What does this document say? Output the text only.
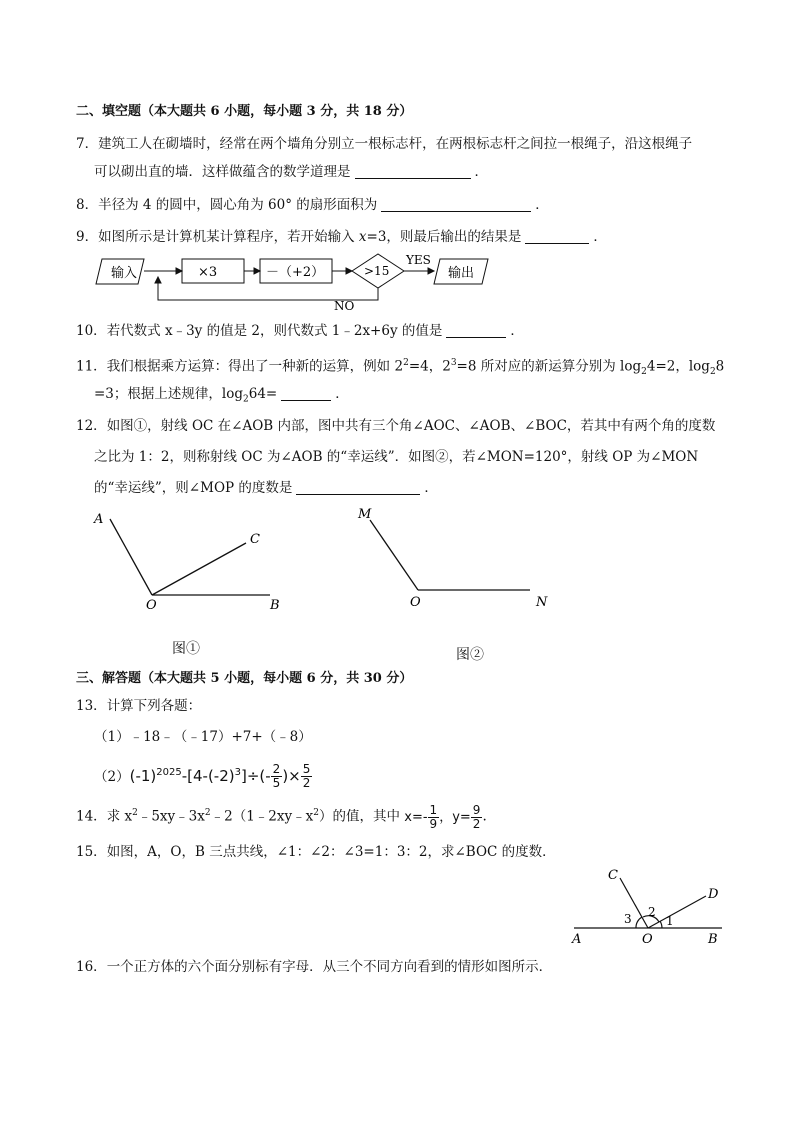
二、填空题（本大题共 6 小题，每小题 3 分，共 18 分）
7．建筑工人在砌墙时，经常在两个墙角分别立一根标志杆，在两根标志杆之间拉一根绳子，沿这根绳子
可以砌出直的墙．这样做蕴含的数学道理是	．
8．半径为 4 的圆中，圆心角为 60° 的扇形面积为	．
9．如图所示是计算机某计算程序，若开始输入 x=3，则最后输出的结果是	．
输入	×3	－（+2）	>15
YES
输出
NO
10．若代数式 x﹣3y 的值是 2，则代数式 1﹣2x+6y 的值是	．
11．我们根据乘方运算：得出了一种新的运算，例如 $2^2=4$，$2^3=8$ 所对应的新运算分别为 $\log_24=2$，$\log_28$
=3；根据上述规律，$\log_264=$	．
12．如图①，射线 OC 在∠AOB 内部，图中共有三个角∠AOC、∠AOB、∠BOC，若其中有两个角的度数
之比为 1：2，则称射线 OC 为∠AOB 的“幸运线”．如图②，若∠MON=120°，射线 OP 为∠MON
的“幸运线”，则∠MOP 的度数是	．
A
C
O	B
图①
M
O	N
图②
三、解答题（本大题共 5 小题，每小题 6 分，共 30 分）
13．计算下列各题：
（1）﹣18﹣（﹣17）+7+（﹣8）
$(2)(-1)^{2025}-[4-(-2)^3]\div(- \frac{2}{5}$ )× $\frac{5}{2}$
14．求 $x^2﹣5xy﹣3x^2﹣2(1﹣2xy﹣x^2)$的值，其中 $x=- \frac{1}{9}$ ，$y= \frac{9}{2}$ .
15．如图，A，O，B 三点共线，∠1：∠2：∠3=1：3：2，求∠BOC 的度数．
C
D
A	O	B
1
2
3
16．一个正方体的六个面分别标有字母．从三个不同方向看到的情形如图所示．
